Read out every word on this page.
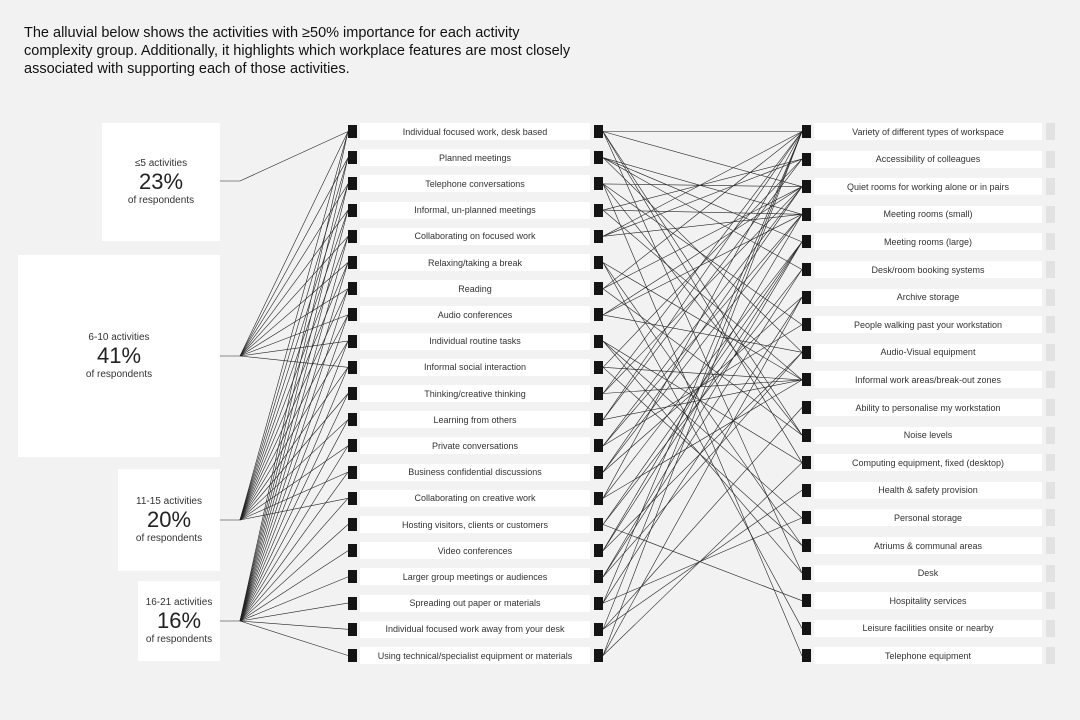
The alluvial below shows the activities with ≥50% importance for each activity complexity group. Additionally, it highlights which workplace features are most closely associated with supporting each of those activities.
≤5 activities
23%
of respondents
6-10 activities
41%
of respondents
11-15 activities
20%
of respondents
16-21 activities
16%
of respondents
Individual focused work, desk based
Planned meetings
Telephone conversations
Informal, un-planned meetings
Collaborating on focused work
Relaxing/taking a break
Reading
Audio conferences
Individual routine tasks
Informal social interaction
Thinking/creative thinking
Learning from others
Private conversations
Business confidential discussions
Collaborating on creative work
Hosting visitors, clients or customers
Video conferences
Larger group meetings or audiences
Spreading out paper or materials
Individual focused work away from your desk
Using technical/specialist equipment or materials
Variety of different types of workspace
Accessibility of colleagues
Quiet rooms for working alone or in pairs
Meeting rooms (small)
Meeting rooms (large)
Desk/room booking systems
Archive storage
People walking past your workstation
Audio-Visual equipment
Informal work areas/break-out zones
Ability to personalise my workstation
Noise levels
Computing equipment, fixed (desktop)
Health & safety provision
Personal storage
Atriums & communal areas
Desk
Hospitality services
Leisure facilities onsite or nearby
Telephone equipment
